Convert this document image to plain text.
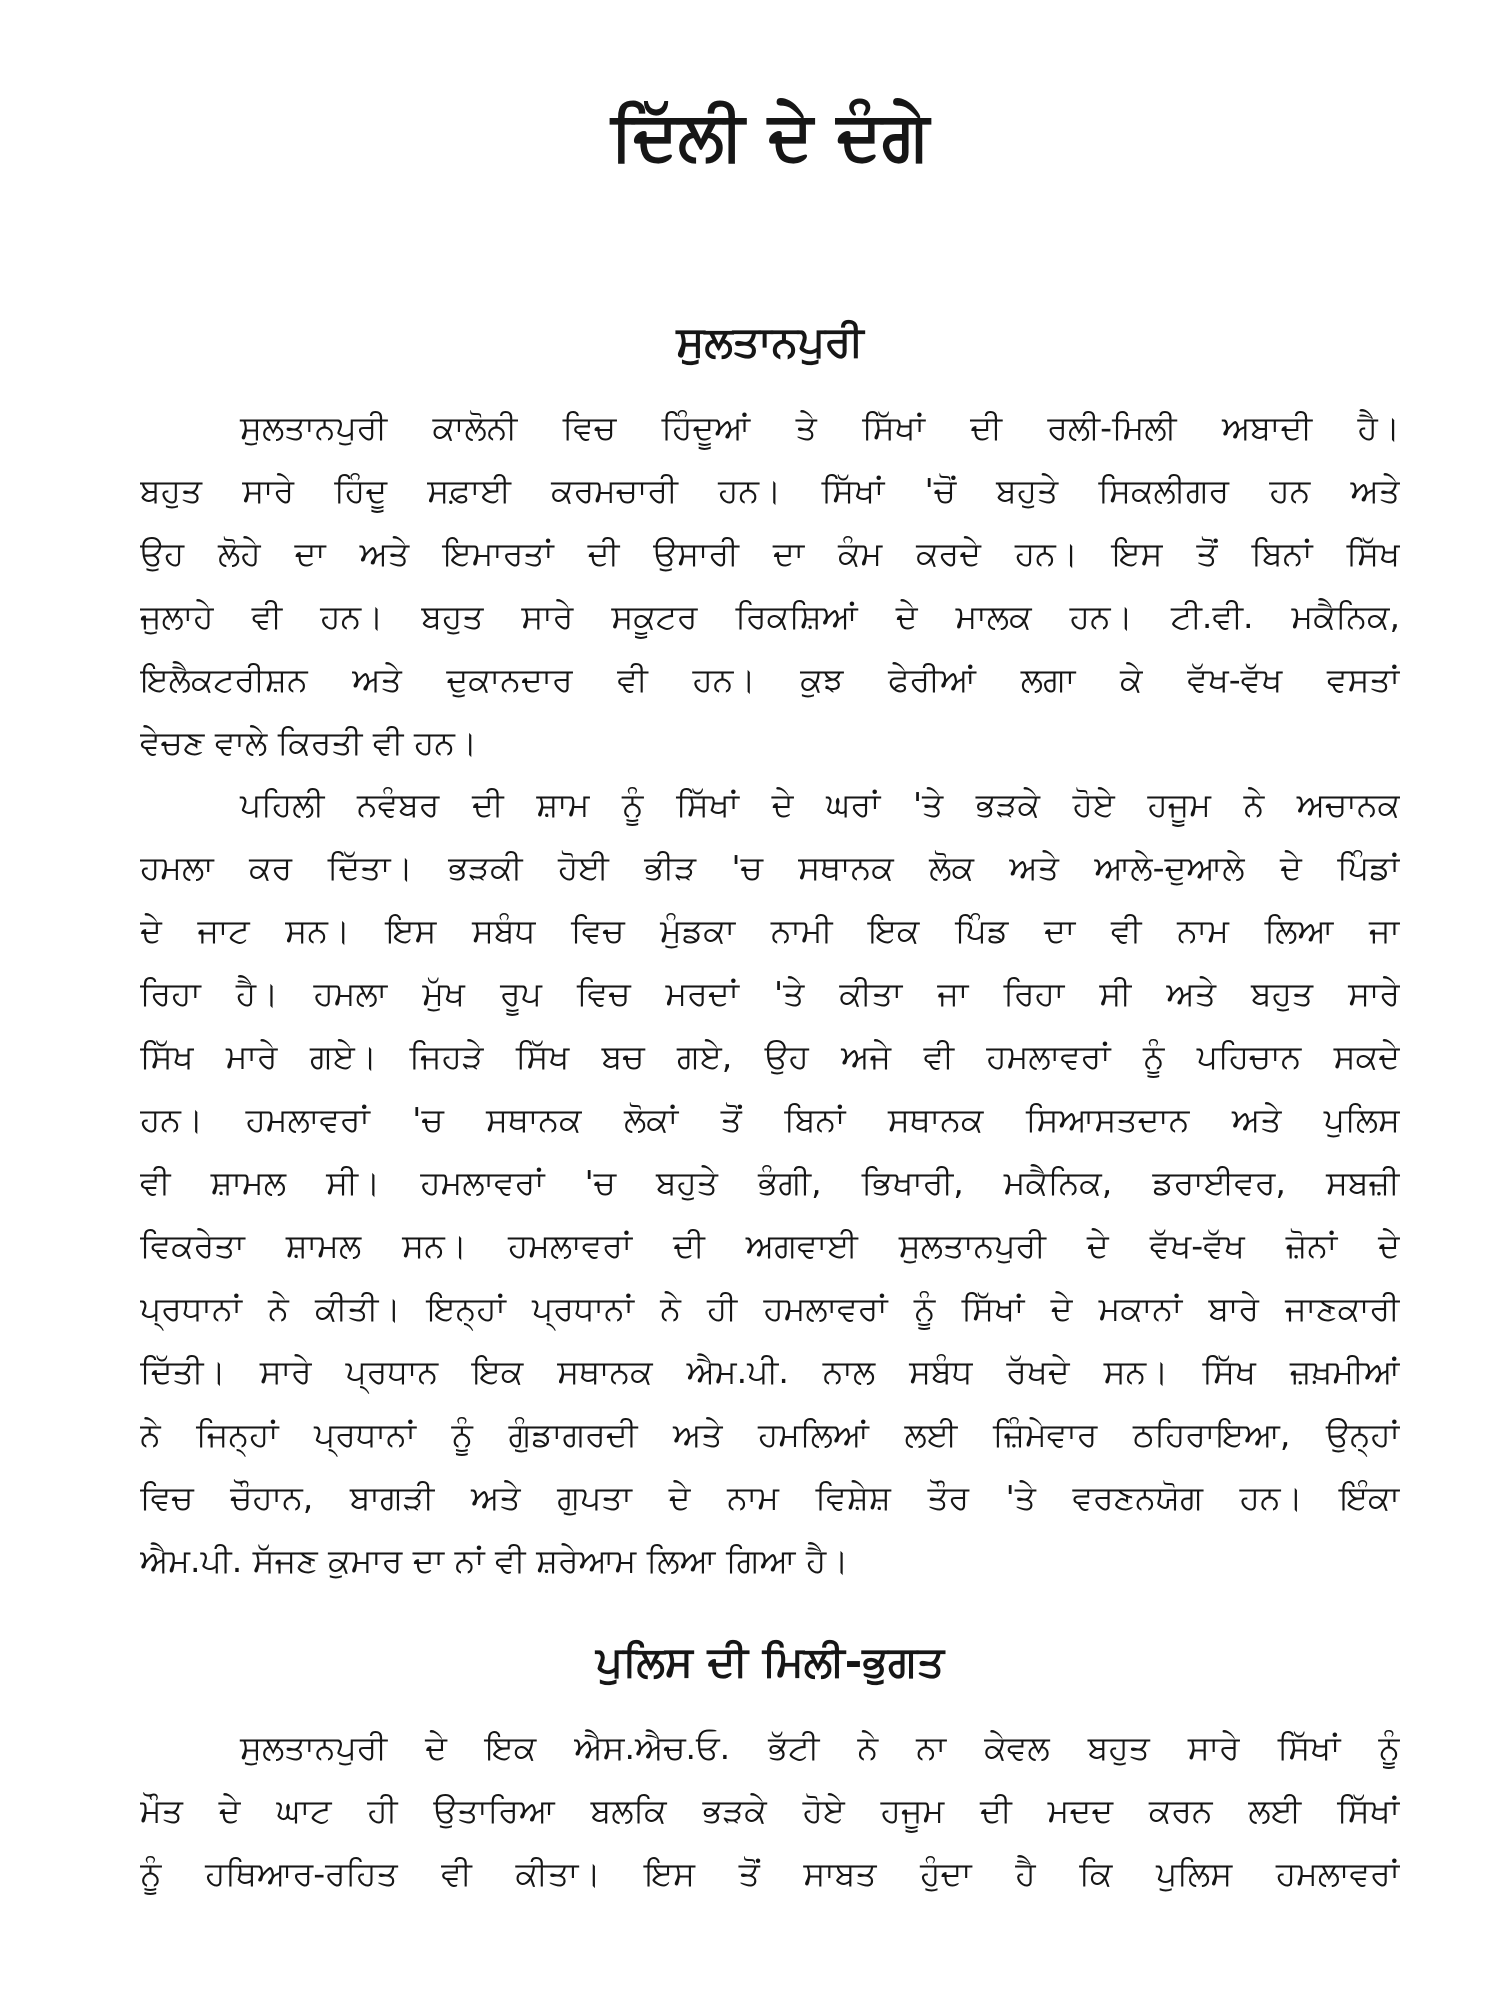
ਦਿੱਲੀ ਦੇ ਦੰਗੇ
ਸੁਲਤਾਨਪੁਰੀ
ਸੁਲਤਾਨਪੁਰੀ ਕਾਲੋਨੀ ਵਿਚ ਹਿੰਦੂਆਂ ਤੇ ਸਿੱਖਾਂ ਦੀ ਰਲੀ-ਮਿਲੀ ਅਬਾਦੀ ਹੈ।
ਬਹੁਤ ਸਾਰੇ ਹਿੰਦੂ ਸਫ਼ਾਈ ਕਰਮਚਾਰੀ ਹਨ। ਸਿੱਖਾਂ 'ਚੋਂ ਬਹੁਤੇ ਸਿਕਲੀਗਰ ਹਨ ਅਤੇ
ਉਹ ਲੋਹੇ ਦਾ ਅਤੇ ਇਮਾਰਤਾਂ ਦੀ ਉਸਾਰੀ ਦਾ ਕੰਮ ਕਰਦੇ ਹਨ। ਇਸ ਤੋਂ ਬਿਨਾਂ ਸਿੱਖ
ਜੁਲਾਹੇ ਵੀ ਹਨ। ਬਹੁਤ ਸਾਰੇ ਸਕੂਟਰ ਰਿਕਸ਼ਿਆਂ ਦੇ ਮਾਲਕ ਹਨ। ਟੀ.ਵੀ. ਮਕੈਨਿਕ,
ਇਲੈਕਟਰੀਸ਼ਨ ਅਤੇ ਦੁਕਾਨਦਾਰ ਵੀ ਹਨ। ਕੁਝ ਫੇਰੀਆਂ ਲਗਾ ਕੇ ਵੱਖ-ਵੱਖ ਵਸਤਾਂ
ਵੇਚਣ ਵਾਲੇ ਕਿਰਤੀ ਵੀ ਹਨ।
ਪਹਿਲੀ ਨਵੰਬਰ ਦੀ ਸ਼ਾਮ ਨੂੰ ਸਿੱਖਾਂ ਦੇ ਘਰਾਂ 'ਤੇ ਭੜਕੇ ਹੋਏ ਹਜੂਮ ਨੇ ਅਚਾਨਕ
ਹਮਲਾ ਕਰ ਦਿੱਤਾ। ਭੜਕੀ ਹੋਈ ਭੀੜ 'ਚ ਸਥਾਨਕ ਲੋਕ ਅਤੇ ਆਲੇ-ਦੁਆਲੇ ਦੇ ਪਿੰਡਾਂ
ਦੇ ਜਾਟ ਸਨ। ਇਸ ਸਬੰਧ ਵਿਚ ਮੁੰਡਕਾ ਨਾਮੀ ਇਕ ਪਿੰਡ ਦਾ ਵੀ ਨਾਮ ਲਿਆ ਜਾ
ਰਿਹਾ ਹੈ। ਹਮਲਾ ਮੁੱਖ ਰੂਪ ਵਿਚ ਮਰਦਾਂ 'ਤੇ ਕੀਤਾ ਜਾ ਰਿਹਾ ਸੀ ਅਤੇ ਬਹੁਤ ਸਾਰੇ
ਸਿੱਖ ਮਾਰੇ ਗਏ। ਜਿਹੜੇ ਸਿੱਖ ਬਚ ਗਏ, ਉਹ ਅਜੇ ਵੀ ਹਮਲਾਵਰਾਂ ਨੂੰ ਪਹਿਚਾਨ ਸਕਦੇ
ਹਨ। ਹਮਲਾਵਰਾਂ 'ਚ ਸਥਾਨਕ ਲੋਕਾਂ ਤੋਂ ਬਿਨਾਂ ਸਥਾਨਕ ਸਿਆਸਤਦਾਨ ਅਤੇ ਪੁਲਿਸ
ਵੀ ਸ਼ਾਮਲ ਸੀ। ਹਮਲਾਵਰਾਂ 'ਚ ਬਹੁਤੇ ਭੰਗੀ, ਭਿਖਾਰੀ, ਮਕੈਨਿਕ, ਡਰਾਈਵਰ, ਸਬਜ਼ੀ
ਵਿਕਰੇਤਾ ਸ਼ਾਮਲ ਸਨ। ਹਮਲਾਵਰਾਂ ਦੀ ਅਗਵਾਈ ਸੁਲਤਾਨਪੁਰੀ ਦੇ ਵੱਖ-ਵੱਖ ਜ਼ੋਨਾਂ ਦੇ
ਪ੍ਰਧਾਨਾਂ ਨੇ ਕੀਤੀ। ਇਨ੍ਹਾਂ ਪ੍ਰਧਾਨਾਂ ਨੇ ਹੀ ਹਮਲਾਵਰਾਂ ਨੂੰ ਸਿੱਖਾਂ ਦੇ ਮਕਾਨਾਂ ਬਾਰੇ ਜਾਣਕਾਰੀ
ਦਿੱਤੀ। ਸਾਰੇ ਪ੍ਰਧਾਨ ਇਕ ਸਥਾਨਕ ਐਮ.ਪੀ. ਨਾਲ ਸਬੰਧ ਰੱਖਦੇ ਸਨ। ਸਿੱਖ ਜ਼ਖ਼ਮੀਆਂ
ਨੇ ਜਿਨ੍ਹਾਂ ਪ੍ਰਧਾਨਾਂ ਨੂੰ ਗੁੰਡਾਗਰਦੀ ਅਤੇ ਹਮਲਿਆਂ ਲਈ ਜ਼ਿੰਮੇਵਾਰ ਠਹਿਰਾਇਆ, ਉਨ੍ਹਾਂ
ਵਿਚ ਚੌਹਾਨ, ਬਾਗੜੀ ਅਤੇ ਗੁਪਤਾ ਦੇ ਨਾਮ ਵਿਸ਼ੇਸ਼ ਤੌਰ 'ਤੇ ਵਰਣਨਯੋਗ ਹਨ। ਇੰਕਾ
ਐਮ.ਪੀ. ਸੱਜਣ ਕੁਮਾਰ ਦਾ ਨਾਂ ਵੀ ਸ਼ਰੇਆਮ ਲਿਆ ਗਿਆ ਹੈ।
ਪੁਲਿਸ ਦੀ ਮਿਲੀ-ਭੁਗਤ
ਸੁਲਤਾਨਪੁਰੀ ਦੇ ਇਕ ਐਸ.ਐਚ.ਓ. ਭੱਟੀ ਨੇ ਨਾ ਕੇਵਲ ਬਹੁਤ ਸਾਰੇ ਸਿੱਖਾਂ ਨੂੰ
ਮੌਤ ਦੇ ਘਾਟ ਹੀ ਉਤਾਰਿਆ ਬਲਕਿ ਭੜਕੇ ਹੋਏ ਹਜੂਮ ਦੀ ਮਦਦ ਕਰਨ ਲਈ ਸਿੱਖਾਂ
ਨੂੰ ਹਥਿਆਰ-ਰਹਿਤ ਵੀ ਕੀਤਾ। ਇਸ ਤੋਂ ਸਾਬਤ ਹੁੰਦਾ ਹੈ ਕਿ ਪੁਲਿਸ ਹਮਲਾਵਰਾਂ
